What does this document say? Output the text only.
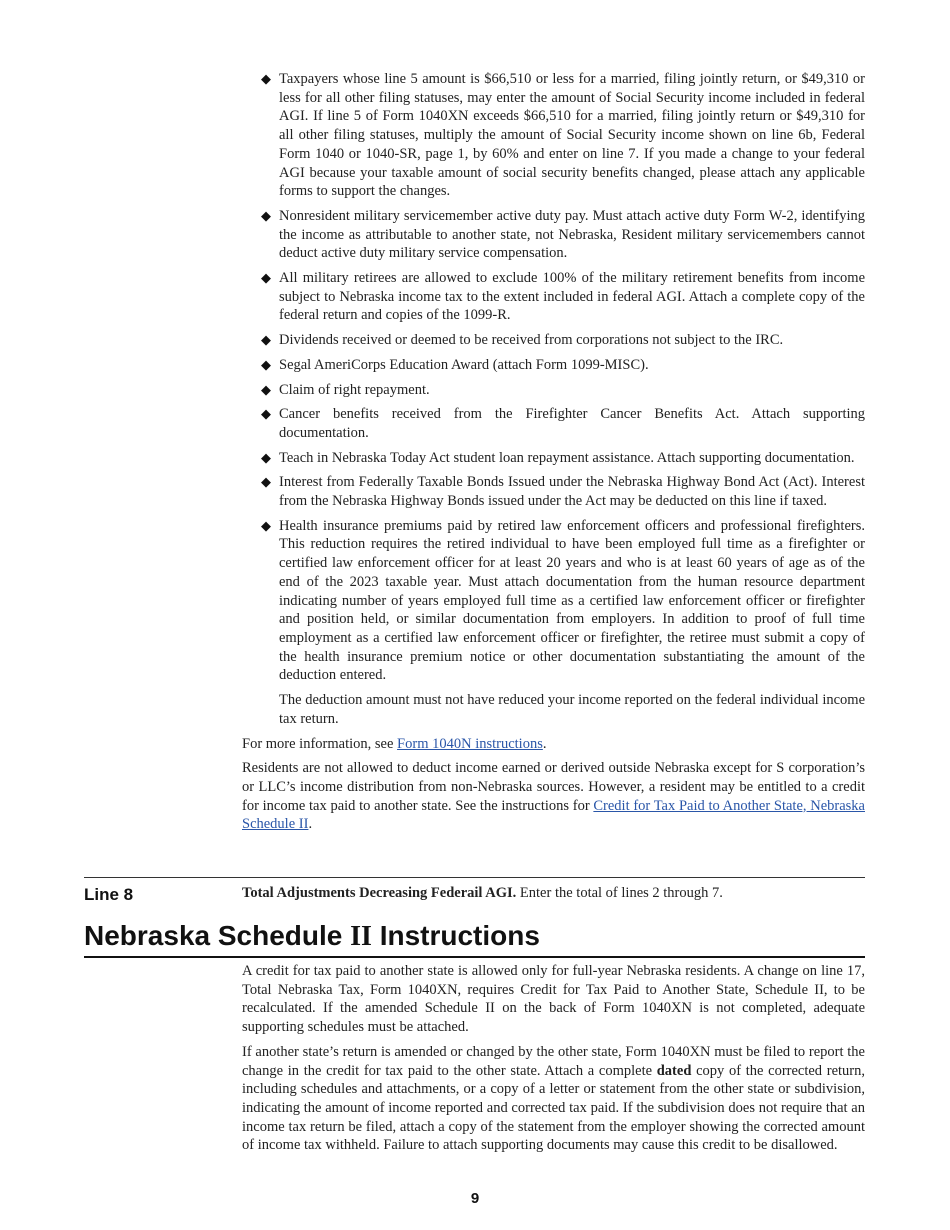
◆ Taxpayers whose line 5 amount is $66,510 or less for a married, filing jointly return, or $49,310 or less for all other filing statuses, may enter the amount of Social Security income included in federal AGI. If line 5 of Form 1040XN exceeds $66,510 for a married, filing jointly return or $49,310 for all other filing statuses, multiply the amount of Social Security income shown on line 6b, Federal Form 1040 or 1040-SR, page 1, by 60% and enter on line 7. If you made a change to your federal AGI because your taxable amount of social security benefits changed, please attach any applicable forms to support the changes.

◆ Nonresident military servicemember active duty pay. Must attach active duty Form W-2, identifying the income as attributable to another state, not Nebraska, Resident military servicemembers cannot deduct active duty military service compensation.

◆ All military retirees are allowed to exclude 100% of the military retirement benefits from income subject to Nebraska income tax to the extent included in federal AGI. Attach a complete copy of the federal return and copies of the 1099-R.

◆ Dividends received or deemed to be received from corporations not subject to the IRC.

◆ Segal AmeriCorps Education Award (attach Form 1099-MISC).

◆ Claim of right repayment.

◆ Cancer benefits received from the Firefighter Cancer Benefits Act. Attach supporting documentation.

◆ Teach in Nebraska Today Act student loan repayment assistance. Attach supporting documentation.

◆ Interest from Federally Taxable Bonds Issued under the Nebraska Highway Bond Act (Act). Interest from the Nebraska Highway Bonds issued under the Act may be deducted on this line if taxed.

◆ Health insurance premiums paid by retired law enforcement officers and professional firefighters. This reduction requires the retired individual to have been employed full time as a firefighter or certified law enforcement officer for at least 20 years and who is at least 60 years of age as of the end of the 2023 taxable year. Must attach documentation from the human resource department indicating number of years employed full time as a certified law enforcement officer or firefighter and position held, or similar documentation from employers. In addition to proof of full time employment as a certified law enforcement officer or firefighter, the retiree must submit a copy of the health insurance premium notice or other documentation substantiating the amount of the deduction entered.

The deduction amount must not have reduced your income reported on the federal individual income tax return.

For more information, see Form 1040N instructions.

Residents are not allowed to deduct income earned or derived outside Nebraska except for S corporation’s or LLC’s income distribution from non-Nebraska sources. However, a resident may be entitled to a credit for income tax paid to another state. See the instructions for Credit for Tax Paid to Another State, Nebraska Schedule II.

Line 8	Total Adjustments Decreasing Federail AGI. Enter the total of lines 2 through 7.
Nebraska Schedule II Instructions

A credit for tax paid to another state is allowed only for full-year Nebraska residents. A change on line 17, Total Nebraska Tax, Form 1040XN, requires Credit for Tax Paid to Another State, Schedule II, to be recalculated. If the amended Schedule II on the back of Form 1040XN is not completed, adequate supporting schedules must be attached.

If another state’s return is amended or changed by the other state, Form 1040XN must be filed to report the change in the credit for tax paid to the other state. Attach a complete dated copy of the corrected return, including schedules and attachments, or a copy of a letter or statement from the other state or subdivision, indicating the amount of income reported and corrected tax paid. If the subdivision does not require that an income tax return be filed, attach a copy of the statement from the employer showing the corrected amount of income tax withheld. Failure to attach supporting documents may cause this credit to be disallowed.

9
